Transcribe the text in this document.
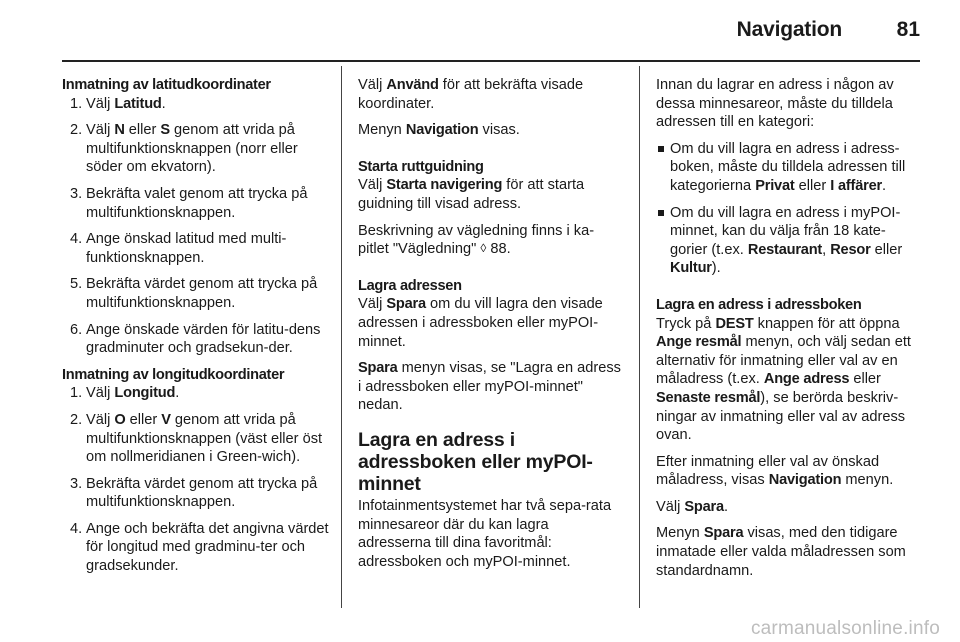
Navigation	81

Inmatning av latitudkoordinater

1. Välj Latitud.
2. Välj N eller S genom att vrida på multifunktionsknappen (norr eller söder om ekvatorn).
3. Bekräfta valet genom att trycka på multifunktionsknappen.
4. Ange önskad latitud med multi-funktionsknappen.
5. Bekräfta värdet genom att trycka på multifunktionsknappen.
6. Ange önskade värden för latitu-dens gradminuter och gradsekun-der.

Inmatning av longitudkoordinater

1. Välj Longitud.
2. Välj O eller V genom att vrida på multifunktionsknappen (väst eller öst om nollmeridianen i Green-wich).
3. Bekräfta värdet genom att trycka på multifunktionsknappen.
4. Ange och bekräfta det angivna värdet för longitud med gradminu-ter och gradsekunder.

Välj Använd för att bekräfta visade koordinater.

Menyn Navigation visas.

Starta ruttguidning

Välj Starta navigering för att starta guidning till visad adress.

Beskrivning av vägledning finns i ka-pitlet "Vägledning" ◊ 88.

Lagra adressen

Välj Spara om du vill lagra den visade adressen i adressboken eller myPOI-minnet.

Spara menyn visas, se "Lagra en adress i adressboken eller myPOI-minnet" nedan.

Lagra en adress i adressboken eller myPOI-minnet

Infotainmentsystemet har två sepa-rata minnesareor där du kan lagra adresserna till dina favoritmål: adressboken och myPOI-minnet.

Innan du lagrar en adress i någon av dessa minnesareor, måste du tilldela adressen till en kategori:

Om du vill lagra en adress i adress-boken, måste du tilldela adressen till kategorierna Privat eller I affärer.
Om du vill lagra en adress i myPOI-minnet, kan du välja från 18 kate-gorier (t.ex. Restaurant, Resor eller Kultur).

Lagra en adress i adressboken

Tryck på DEST knappen för att öppna Ange resmål menyn, och välj sedan ett alternativ för inmatning eller val av en måladress (t.ex. Ange adress eller Senaste resmål), se berörda beskriv-ningar av inmatning eller val av adress ovan.

Efter inmatning eller val av önskad måladress, visas Navigation menyn.

Välj Spara.

Menyn Spara visas, med den tidigare inmatade eller valda måladressen som standardnamn.

carmanualsonline.info
